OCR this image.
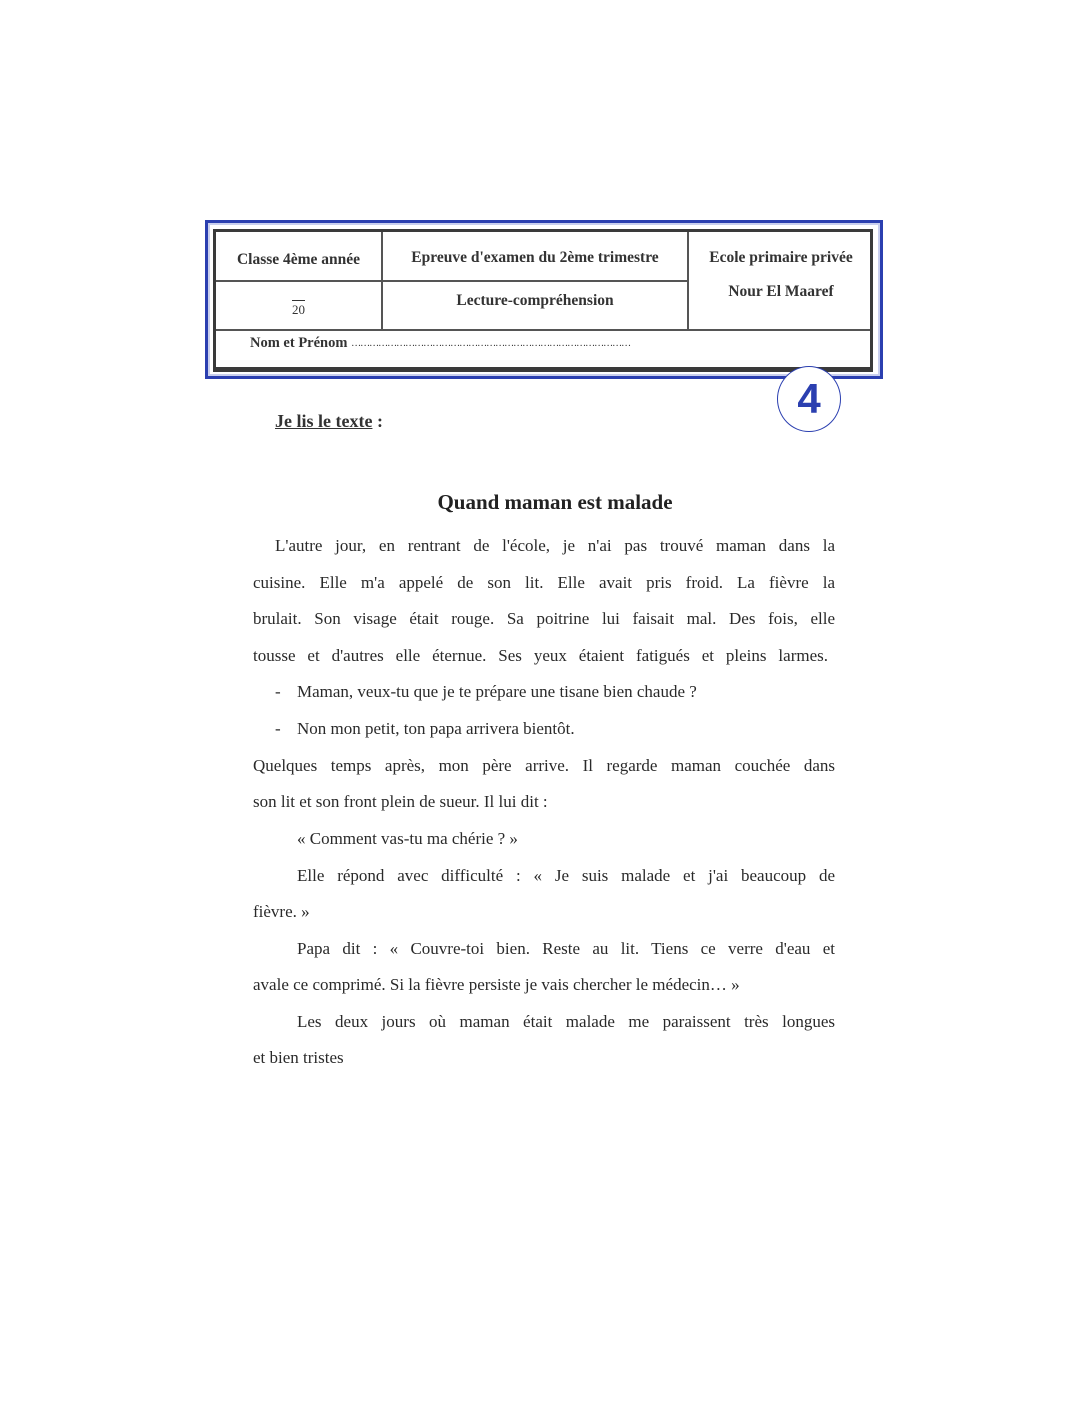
Classe 4ème année	Epreuve d'examen du 2ème trimestre	Ecole primaire privée
Nour El Maaref
20
Lecture-compréhension
Nom et Prénom
…………………………………………………………………………………
4
Je lis le texte :
Quand maman est malade
L'autre jour, en rentrant de l'école, je n'ai pas trouvé maman dans la
cuisine. Elle m'a appelé de son lit. Elle avait pris froid. La fièvre la
brulait. Son visage était rouge. Sa poitrine lui faisait mal. Des fois, elle
tousse et d'autres elle éternue. Ses yeux étaient fatigués et pleins larmes.
- Maman, veux-tu que je te prépare une tisane bien chaude ?
- Non mon petit, ton papa arrivera bientôt.
Quelques temps après, mon père arrive. Il regarde maman couchée dans
son lit et son front plein de sueur. Il lui dit :
« Comment vas-tu ma chérie ? »
Elle répond avec difficulté : « Je suis malade et j'ai beaucoup de
fièvre. »
Papa dit : « Couvre-toi bien. Reste au lit. Tiens ce verre d'eau et
avale ce comprimé. Si la fièvre persiste je vais chercher le médecin… »
Les deux jours où maman était malade me paraissent très longues
et bien tristes
